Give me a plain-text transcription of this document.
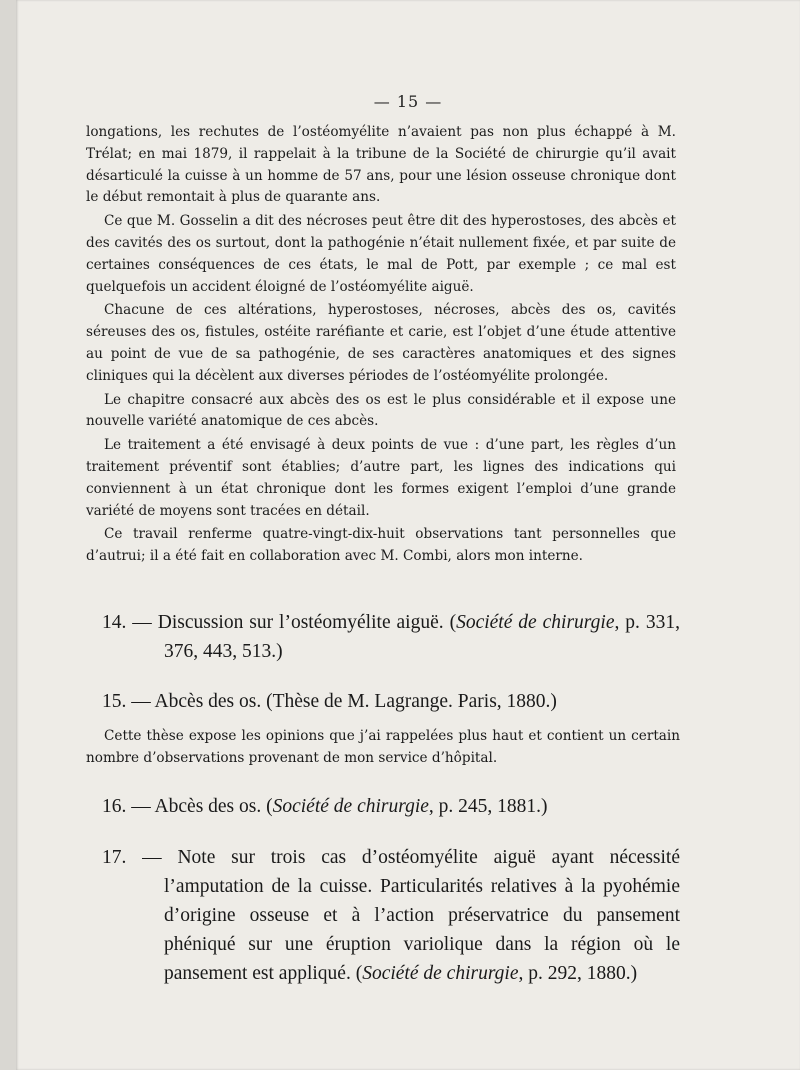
— 15 —

longations, les rechutes de l’ostéomyélite n’avaient pas non plus échappé à M. Trélat; en mai 1879, il rappelait à la tribune de la Société de chirurgie qu’il avait désarticulé la cuisse à un homme de 57 ans, pour une lésion osseuse chronique dont le début remontait à plus de quarante ans.

Ce que M. Gosselin a dit des nécroses peut être dit des hyperostoses, des abcès et des cavités des os surtout, dont la pathogénie n’était nullement fixée, et par suite de certaines conséquences de ces états, le mal de Pott, par exemple ; ce mal est quelquefois un accident éloigné de l’ostéomyélite aiguë.

Chacune de ces altérations, hyperostoses, nécroses, abcès des os, cavités séreuses des os, fistules, ostéite raréfiante et carie, est l’objet d’une étude attentive au point de vue de sa pathogénie, de ses caractères anatomiques et des signes cliniques qui la décèlent aux diverses périodes de l’ostéomyélite prolongée.

Le chapitre consacré aux abcès des os est le plus considérable et il expose une nouvelle variété anatomique de ces abcès.

Le traitement a été envisagé à deux points de vue : d’une part, les règles d’un traitement préventif sont établies; d’autre part, les lignes des indications qui conviennent à un état chronique dont les formes exigent l’emploi d’une grande variété de moyens sont tracées en détail.

Ce travail renferme quatre-vingt-dix-huit observations tant personnelles que d’autrui; il a été fait en collaboration avec M. Combi, alors mon interne.

14. — Discussion sur l’ostéomyélite aiguë. (Société de chirurgie, p. 331, 376, 443, 513.)

15. — Abcès des os. (Thèse de M. Lagrange. Paris, 1880.)

Cette thèse expose les opinions que j’ai rappelées plus haut et contient un certain nombre d’observations provenant de mon service d’hôpital.

16. — Abcès des os. (Société de chirurgie, p. 245, 1881.)

17. — Note sur trois cas d’ostéomyélite aiguë ayant nécessité l’amputation de la cuisse. Particularités relatives à la pyohémie d’origine osseuse et à l’action préservatrice du pansement phéniqué sur une éruption variolique dans la région où le pansement est appliqué. (Société de chirurgie, p. 292, 1880.)
